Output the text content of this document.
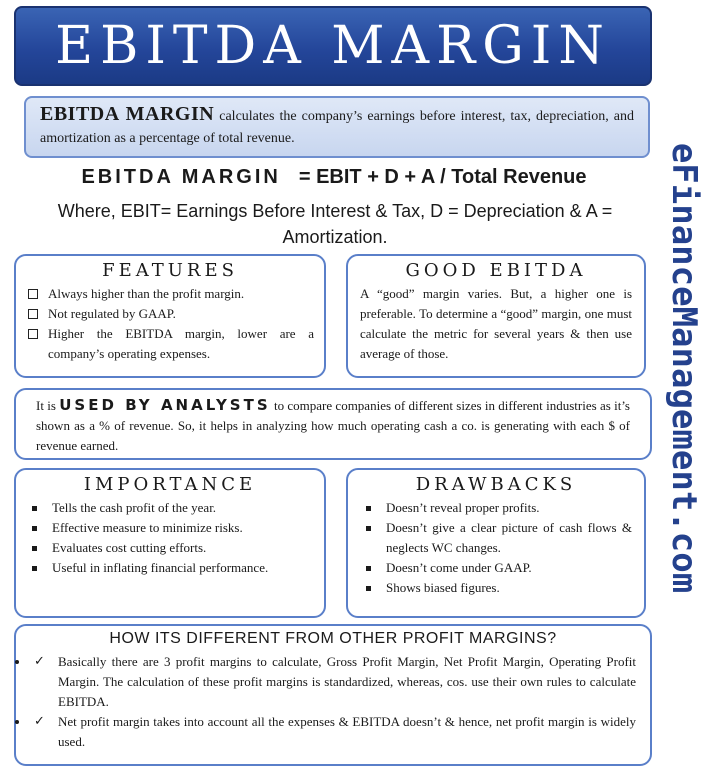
EBITDA MARGIN
eFinanceManagement.com
EBITDA MARGIN calculates the company’s earnings before interest, tax, depreciation, and amortization as a percentage of total revenue.
EBITDA MARGIN = EBIT + D + A / Total Revenue
Where, EBIT= Earnings Before Interest & Tax, D = Depreciation & A = Amortization.
FEATURES
Always higher than the profit margin.
Not regulated by GAAP.
Higher the EBITDA margin, lower are a company’s operating expenses.
GOOD EBITDA

A “good” margin varies. But, a higher one is preferable. To determine a “good” margin, one must calculate the metric for several years & then use average of those.

It is USED BY ANALYSTS to compare companies of different sizes in different industries as it’s shown as a % of revenue. So, it helps in analyzing how much operating cash a co. is generating with each $ of revenue earned.
IMPORTANCE
Tells the cash profit of the year.
Effective measure to minimize risks.
Evaluates cost cutting efforts.
Useful in inflating financial performance.
DRAWBACKS
Doesn’t reveal proper profits.
Doesn’t give a clear picture of cash flows & neglects WC changes.
Doesn’t come under GAAP.
Shows biased figures.
HOW ITS DIFFERENT FROM OTHER PROFIT MARGINS?
• ✓ Basically there are 3 profit margins to calculate, Gross Profit Margin, Net Profit Margin, Operating Profit Margin. The calculation of these profit margins is standardized, whereas, cos. use their own rules to calculate EBITDA.
• ✓ Net profit margin takes into account all the expenses & EBITDA doesn’t & hence, net profit margin is widely used.
